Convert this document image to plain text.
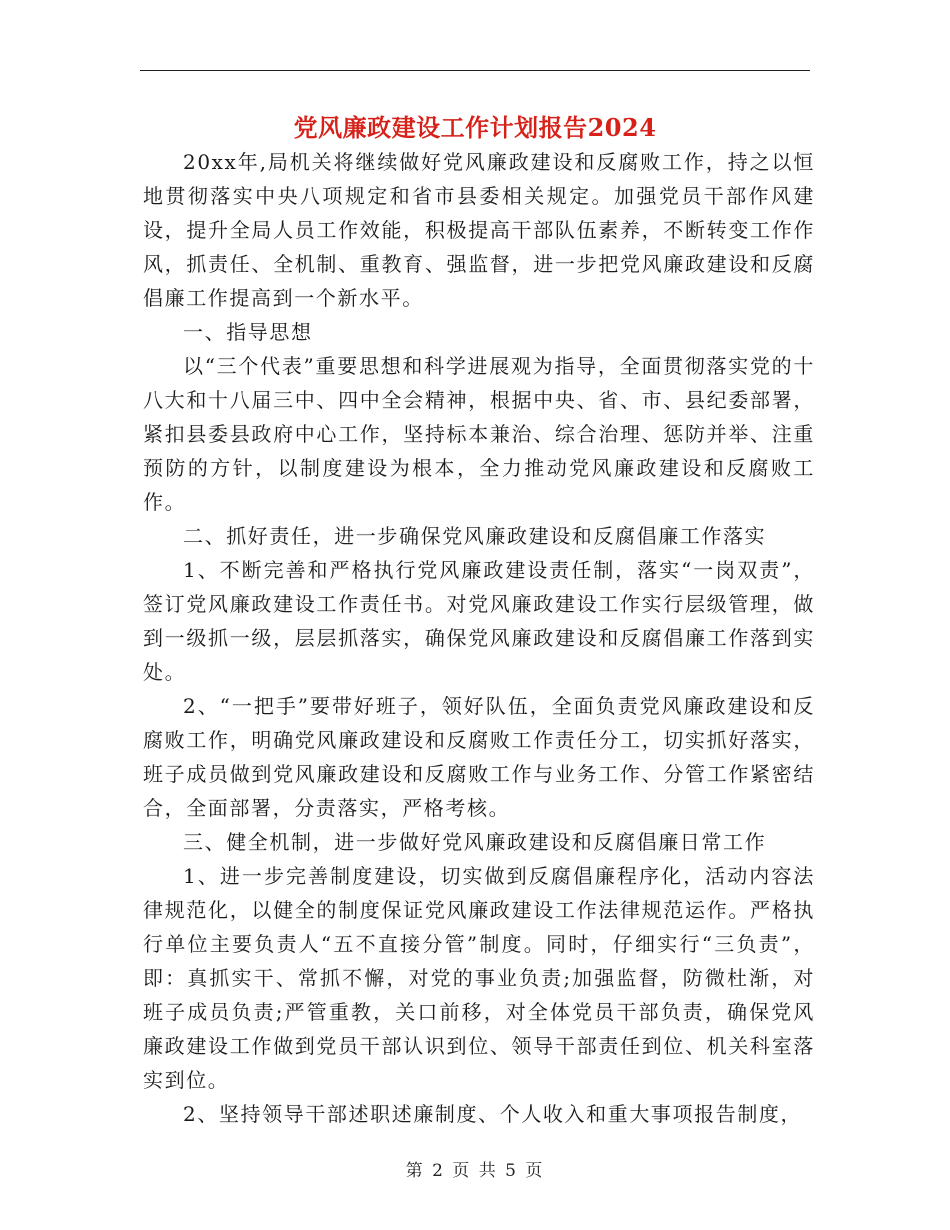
党风廉政建设工作计划报告2024

20xx年,局机关将继续做好党风廉政建设和反腐败工作，持之以恒地贯彻落实中央八项规定和省市县委相关规定。加强党员干部作风建设，提升全局人员工作效能，积极提高干部队伍素养，不断转变工作作风，抓责任、全机制、重教育、强监督，进一步把党风廉政建设和反腐倡廉工作提高到一个新水平。

一、指导思想

以“三个代表”重要思想和科学进展观为指导，全面贯彻落实党的十八大和十八届三中、四中全会精神，根据中央、省、市、县纪委部署，紧扣县委县政府中心工作，坚持标本兼治、综合治理、惩防并举、注重预防的方针，以制度建设为根本，全力推动党风廉政建设和反腐败工作。

二、抓好责任，进一步确保党风廉政建设和反腐倡廉工作落实

1、不断完善和严格执行党风廉政建设责任制，落实“一岗双责”，签订党风廉政建设工作责任书。对党风廉政建设工作实行层级管理，做到一级抓一级，层层抓落实，确保党风廉政建设和反腐倡廉工作落到实处。

2、“一把手”要带好班子，领好队伍，全面负责党风廉政建设和反腐败工作，明确党风廉政建设和反腐败工作责任分工，切实抓好落实，班子成员做到党风廉政建设和反腐败工作与业务工作、分管工作紧密结合，全面部署，分责落实，严格考核。

三、健全机制，进一步做好党风廉政建设和反腐倡廉日常工作

1、进一步完善制度建设，切实做到反腐倡廉程序化，活动内容法律规范化，以健全的制度保证党风廉政建设工作法律规范运作。严格执行单位主要负责人“五不直接分管”制度。同时，仔细实行“三负责”，即：真抓实干、常抓不懈，对党的事业负责;加强监督，防微杜渐，对班子成员负责;严管重教，关口前移，对全体党员干部负责，确保党风廉政建设工作做到党员干部认识到位、领导干部责任到位、机关科室落实到位。

2、坚持领导干部述职述廉制度、个人收入和重大事项报告制度，

第 2 页 共 5 页
